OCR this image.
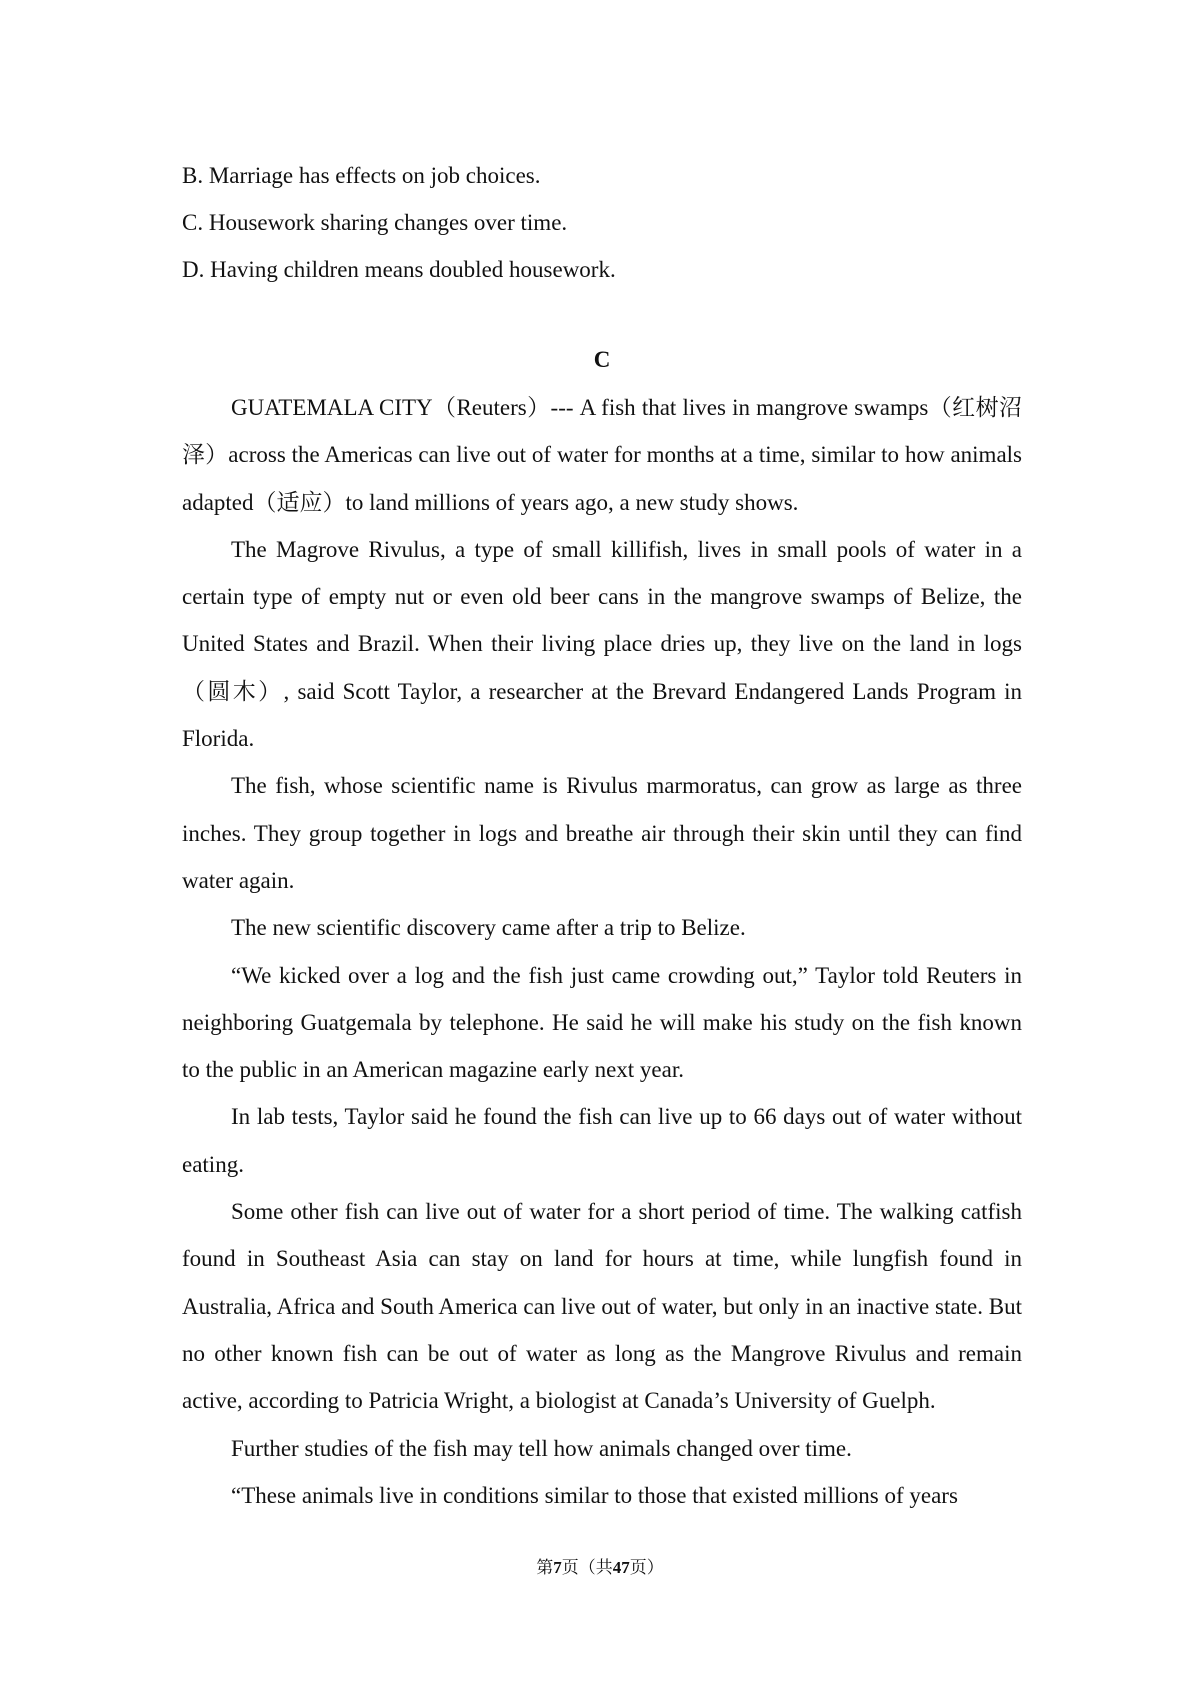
B. Marriage has effects on job choices.
C. Housework sharing changes over time.
D. Having children means doubled housework.
C

GUATEMALA CITY（Reuters）--- A fish that lives in mangrove swamps（红树沼泽）across the Americas can live out of water for months at a time, similar to how animals adapted（适应）to land millions of years ago, a new study shows.

The Magrove Rivulus, a type of small killifish, lives in small pools of water in a certain type of empty nut or even old beer cans in the mangrove swamps of Belize, the United States and Brazil. When their living place dries up, they live on the land in logs（圆木）, said Scott Taylor, a researcher at the Brevard Endangered Lands Program in Florida.

The fish, whose scientific name is Rivulus marmoratus, can grow as large as three inches. They group together in logs and breathe air through their skin until they can find water again.

The new scientific discovery came after a trip to Belize.

“We kicked over a log and the fish just came crowding out,” Taylor told Reuters in neighboring Guatgemala by telephone. He said he will make his study on the fish known to the public in an American magazine early next year.

In lab tests, Taylor said he found the fish can live up to 66 days out of water without eating.

Some other fish can live out of water for a short period of time. The walking catfish found in Southeast Asia can stay on land for hours at time, while lungfish found in Australia, Africa and South America can live out of water, but only in an inactive state. But no other known fish can be out of water as long as the Mangrove Rivulus and remain active, according to Patricia Wright, a biologist at Canada’s University of Guelph.

Further studies of the fish may tell how animals changed over time.

“These animals live in conditions similar to those that existed millions of years

第7页（共47页）
